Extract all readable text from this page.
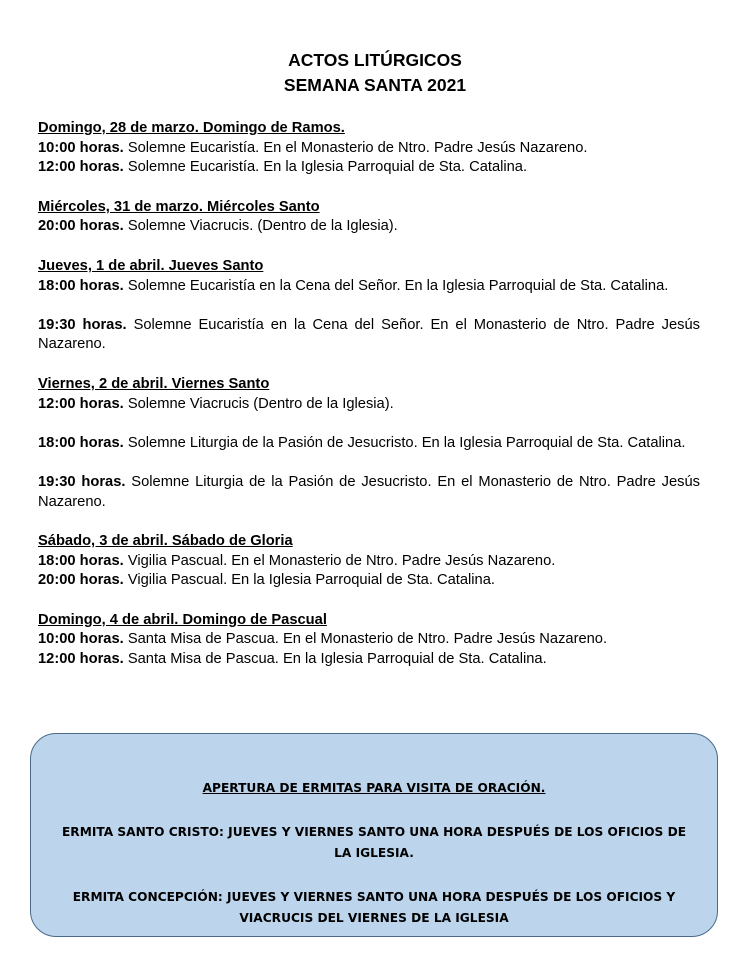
ACTOS LITÚRGICOS
SEMANA SANTA 2021
Domingo, 28 de marzo. Domingo de Ramos.
10:00 horas. Solemne Eucaristía. En el Monasterio de Ntro. Padre Jesús Nazareno.
12:00 horas. Solemne Eucaristía. En la Iglesia Parroquial de Sta. Catalina.
Miércoles, 31 de marzo. Miércoles Santo
20:00 horas. Solemne Viacrucis. (Dentro de la Iglesia).
Jueves, 1 de abril. Jueves Santo
18:00 horas. Solemne Eucaristía en la Cena del Señor. En la Iglesia Parroquial de Sta. Catalina.
19:30 horas. Solemne Eucaristía en la Cena del Señor. En el Monasterio de Ntro. Padre Jesús Nazareno.
Viernes, 2 de abril. Viernes Santo
12:00 horas. Solemne Viacrucis (Dentro de la Iglesia).
18:00 horas. Solemne Liturgia de la Pasión de Jesucristo. En la Iglesia Parroquial de Sta. Catalina.
19:30 horas. Solemne Liturgia de la Pasión de Jesucristo. En el Monasterio de Ntro. Padre Jesús Nazareno.
Sábado, 3 de abril. Sábado de Gloria
18:00 horas. Vigilia Pascual. En el Monasterio de Ntro. Padre Jesús Nazareno.
20:00 horas. Vigilia Pascual. En la Iglesia Parroquial de Sta. Catalina.
Domingo, 4 de abril. Domingo de Pascual
10:00 horas. Santa Misa de Pascua. En el Monasterio de Ntro. Padre Jesús Nazareno.
12:00 horas. Santa Misa de Pascua. En la Iglesia Parroquial de Sta. Catalina.
APERTURA DE ERMITAS PARA VISITA DE ORACIÓN.
ERMITA SANTO CRISTO: JUEVES Y VIERNES SANTO UNA HORA DESPUÉS DE LOS OFICIOS DE LA IGLESIA.
ERMITA CONCEPCIÓN: JUEVES Y VIERNES SANTO UNA HORA DESPUÉS DE LOS OFICIOS Y VIACRUCIS DEL VIERNES DE LA IGLESIA
